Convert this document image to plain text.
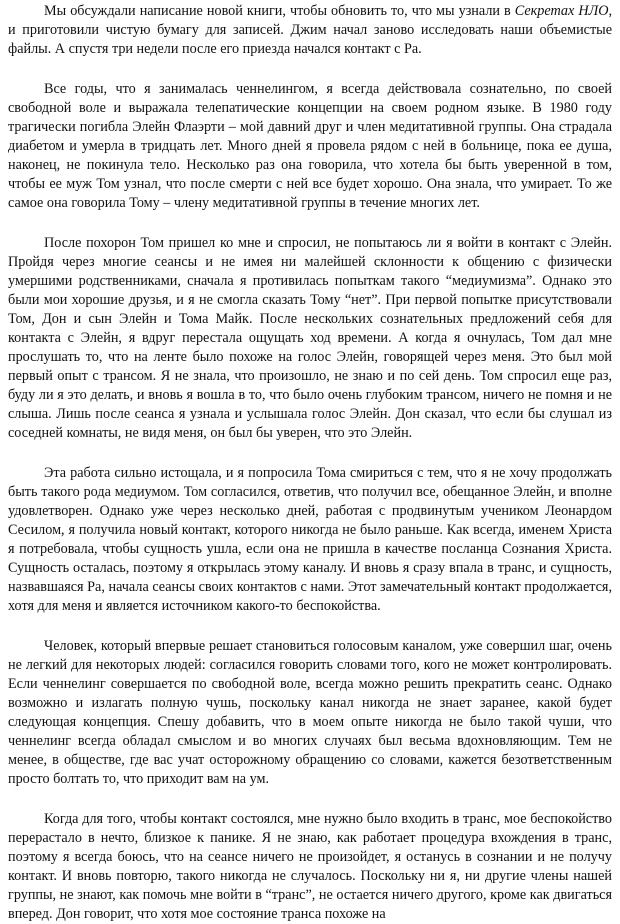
Мы обсуждали написание новой книги, чтобы обновить то, что мы узнали в Секретах НЛО, и приготовили чистую бумагу для записей. Джим начал заново исследовать наши объемистые файлы. А спустя три недели после его приезда начался контакт с Ра.

Все годы, что я занималась ченнелингом, я всегда действовала сознательно, по своей свободной воле и выражала телепатические концепции на своем родном языке. В 1980 году трагически погибла Элейн Флаэрти – мой давний друг и член медитативной группы. Она страдала диабетом и умерла в тридцать лет. Много дней я провела рядом с ней в больнице, пока ее душа, наконец, не покинула тело. Несколько раз она говорила, что хотела бы быть уверенной в том, чтобы ее муж Том узнал, что после смерти с ней все будет хорошо. Она знала, что умирает. То же самое она говорила Тому – члену медитативной группы в течение многих лет.

После похорон Том пришел ко мне и спросил, не попытаюсь ли я войти в контакт с Элейн. Пройдя через многие сеансы и не имея ни малейшей склонности к общению с физически умершими родственниками, сначала я противилась попыткам такого “медиумизма”. Однако это были мои хорошие друзья, и я не смогла сказать Тому “нет”. При первой попытке присутствовали Том, Дон и сын Элейн и Тома Майк. После нескольких сознательных предложений себя для контакта с Элейн, я вдруг перестала ощущать ход времени. А когда я очнулась, Том дал мне прослушать то, что на ленте было похоже на голос Элейн, говорящей через меня. Это был мой первый опыт с трансом. Я не знала, что произошло, не знаю и по сей день. Том спросил еще раз, буду ли я это делать, и вновь я вошла в то, что было очень глубоким трансом, ничего не помня и не слыша. Лишь после сеанса я узнала и услышала голос Элейн. Дон сказал, что если бы слушал из соседней комнаты, не видя меня, он был бы уверен, что это Элейн.

Эта работа сильно истощала, и я попросила Тома смириться с тем, что я не хочу продолжать быть такого рода медиумом. Том согласился, ответив, что получил все, обещанное Элейн, и вполне удовлетворен. Однако уже через несколько дней, работая с продвинутым учеником Леонардом Сесилом, я получила новый контакт, которого никогда не было раньше. Как всегда, именем Христа я потребовала, чтобы сущность ушла, если она не пришла в качестве посланца Сознания Христа. Сущность осталась, поэтому я открылась этому каналу. И вновь я сразу впала в транс, и сущность, назвавшаяся Ра, начала сеансы своих контактов с нами. Этот замечательный контакт продолжается, хотя для меня и является источником какого-то беспокойства.

Человек, который впервые решает становиться голосовым каналом, уже совершил шаг, очень не легкий для некоторых людей: согласился говорить словами того, кого не может контролировать. Если ченнелинг совершается по свободной воле, всегда можно решить прекратить сеанс. Однако возможно и излагать полную чушь, поскольку канал никогда не знает заранее, какой будет следующая концепция. Спешу добавить, что в моем опыте никогда не было такой чуши, что ченнелинг всегда обладал смыслом и во многих случаях был весьма вдохновляющим. Тем не менее, в обществе, где вас учат осторожному обращению со словами, кажется безответственным просто болтать то, что приходит вам на ум.

Когда для того, чтобы контакт состоялся, мне нужно было входить в транс, мое беспокойство перерастало в нечто, близкое к панике. Я не знаю, как работает процедура вхождения в транс, поэтому я всегда боюсь, что на сеансе ничего не произойдет, я останусь в сознании и не получу контакт. И вновь повторю, такого никогда не случалось. Поскольку ни я, ни другие члены нашей группы, не знают, как помочь мне войти в “транс”, не остается ничего другого, кроме как двигаться вперед. Дон говорит, что хотя мое состояние транса похоже на
